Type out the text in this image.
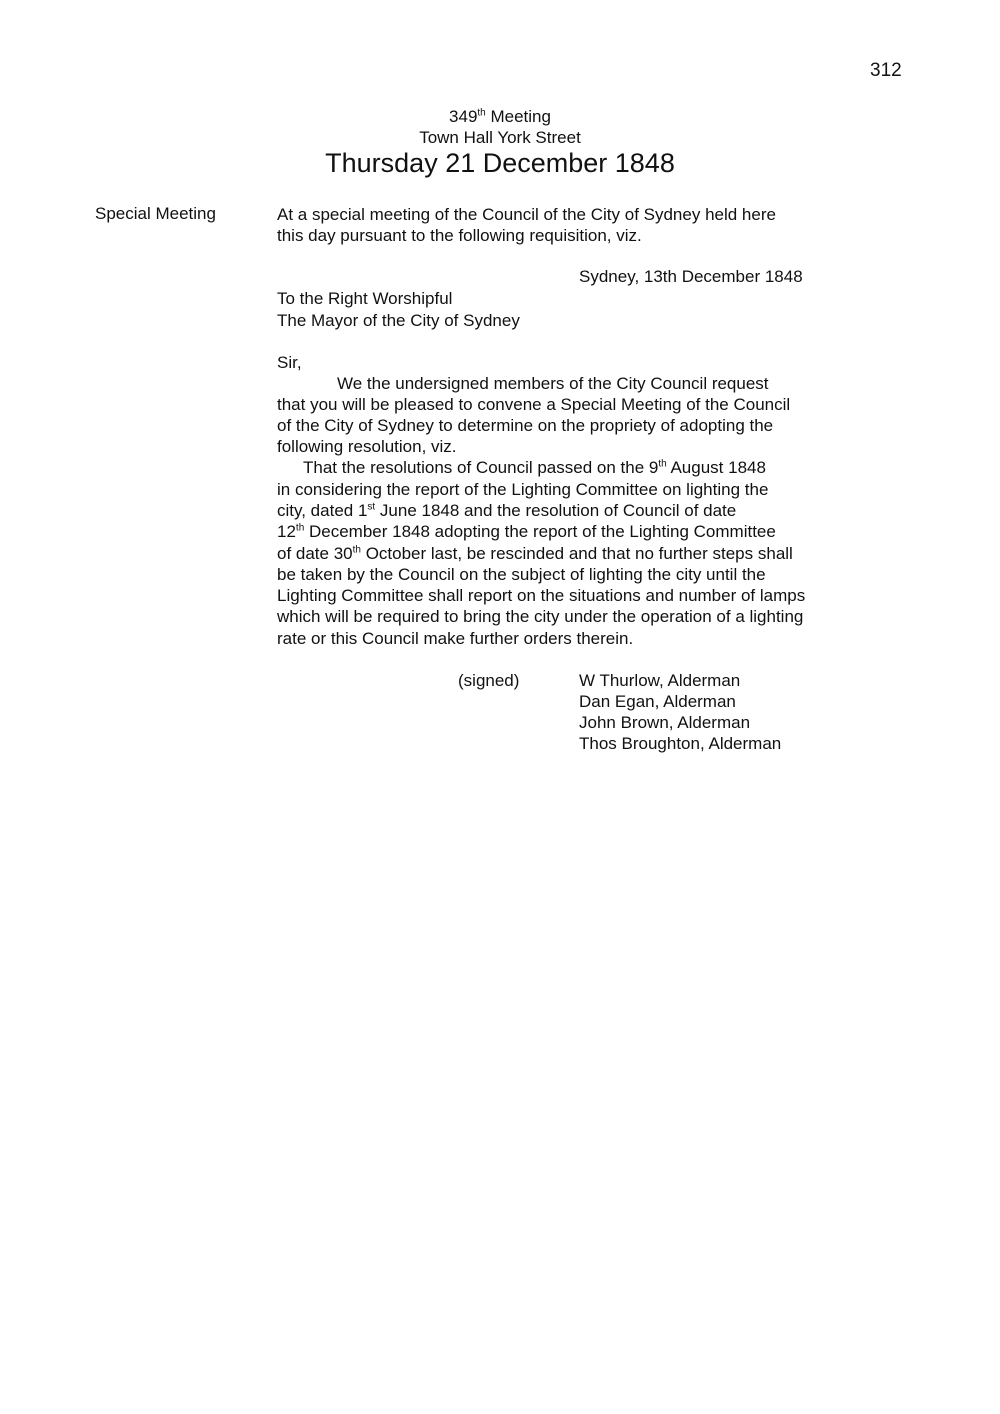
312
349th Meeting
Town Hall York Street
Thursday 21 December 1848
Special Meeting	At a special meeting of the Council of the City of Sydney held here
this day pursuant to the following requisition, viz.
Sydney, 13th December 1848
To the Right Worshipful
The Mayor of the City of Sydney
Sir,
We the undersigned members of the City Council request
that you will be pleased to convene a Special Meeting of the Council
of the City of Sydney to determine on the propriety of adopting the
following resolution, viz.
That the resolutions of Council passed on the 9th August 1848
in considering the report of the Lighting Committee on lighting the
city, dated 1st June 1848 and the resolution of Council of date
12th December 1848 adopting the report of the Lighting Committee
of date 30th October last, be rescinded and that no further steps shall
be taken by the Council on the subject of lighting the city until the
Lighting Committee shall report on the situations and number of lamps
which will be required to bring the city under the operation of a lighting
rate or this Council make further orders therein.
(signed)	W Thurlow, Alderman
Dan Egan, Alderman
John Brown, Alderman
Thos Broughton, Alderman
